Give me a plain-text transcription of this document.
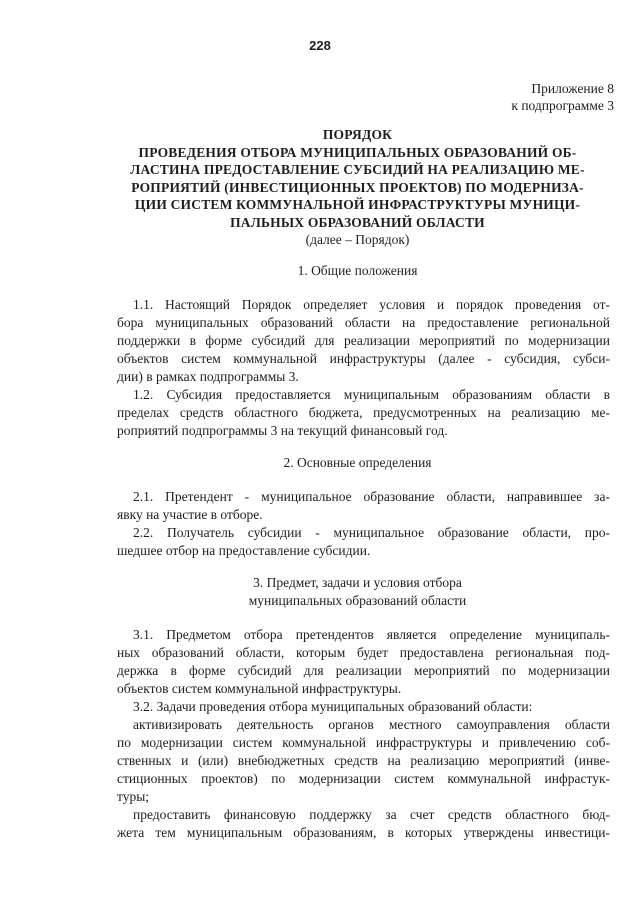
228
Приложение 8
к подпрограмме 3
ПОРЯДОК
ПРОВЕДЕНИЯ ОТБОРА МУНИЦИПАЛЬНЫХ ОБРАЗОВАНИЙ ОБ-
ЛАСТИНА ПРЕДОСТАВЛЕНИЕ СУБСИДИЙ НА РЕАЛИЗАЦИЮ МЕ-
РОПРИЯТИЙ (ИНВЕСТИЦИОННЫХ ПРОЕКТОВ) ПО МОДЕРНИЗА-
ЦИИ СИСТЕМ КОММУНАЛЬНОЙ ИНФРАСТРУКТУРЫ МУНИЦИ-
ПАЛЬНЫХ ОБРАЗОВАНИЙ ОБЛАСТИ
(далее – Порядок)
1. Общие положения
1.1. Настоящий Порядок определяет условия и порядок проведения от-
бора муниципальных образований области на предоставление региональной
поддержки в форме субсидий для реализации мероприятий по модернизации
объектов систем коммунальной инфраструктуры (далее - субсидия, субси-
дии) в рамках подпрограммы 3.
1.2. Субсидия предоставляется муниципальным образованиям области в
пределах средств областного бюджета, предусмотренных на реализацию ме-
роприятий подпрограммы 3 на текущий финансовый год.
2. Основные определения
2.1. Претендент - муниципальное образование области, направившее за-
явку на участие в отборе.
2.2. Получатель субсидии - муниципальное образование области, про-
шедшее отбор на предоставление субсидии.
3. Предмет, задачи и условия отбора
муниципальных образований области
3.1. Предметом отбора претендентов является определение муниципаль-
ных образований области, которым будет предоставлена региональная под-
держка в форме субсидий для реализации мероприятий по модернизации
объектов систем коммунальной инфраструктуры.
3.2. Задачи проведения отбора муниципальных образований области:
активизировать деятельность органов местного самоуправления области
по модернизации систем коммунальной инфраструктуры и привлечению соб-
ственных и (или) внебюджетных средств на реализацию мероприятий (инве-
стиционных проектов) по модернизации систем коммунальной инфрастук-
туры;
предоставить финансовую поддержку за счет средств областного бюд-
жета тем муниципальным образованиям, в которых утверждены инвестици-
